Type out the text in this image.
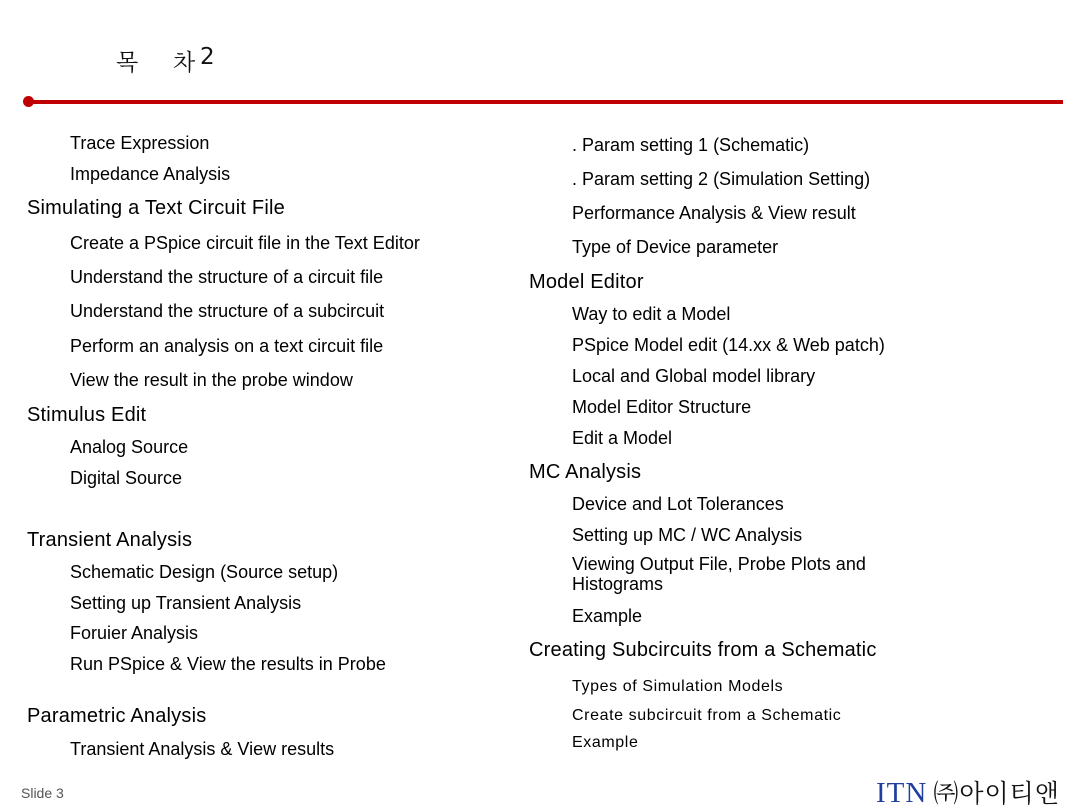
목 차 2
Trace Expression
Impedance Analysis
Simulating a Text Circuit File
Create a PSpice circuit file in the Text Editor
Understand the structure of a circuit file
Understand the structure of a subcircuit
Perform an analysis on a text circuit file
View the result in the probe window
Stimulus Edit
Analog Source
Digital Source
Transient Analysis
Schematic Design (Source setup)
Setting up Transient Analysis
Foruier Analysis
Run PSpice & View the results in Probe
Parametric Analysis
Transient Analysis & View results
. Param setting 1 (Schematic)
. Param setting 2 (Simulation Setting)
Performance Analysis & View result
Type of Device parameter
Model Editor
Way to edit a Model
PSpice Model edit (14.xx & Web patch)
Local and Global model library
Model Editor Structure
Edit a Model
MC Analysis
Device and Lot Tolerances
Setting up MC / WC Analysis
Viewing Output File, Probe Plots and Histograms
Example
Creating Subcircuits from a Schematic
Types of Simulation Models
Create subcircuit from a Schematic
Example
Slide 3	ITN ㈜아이티앤
